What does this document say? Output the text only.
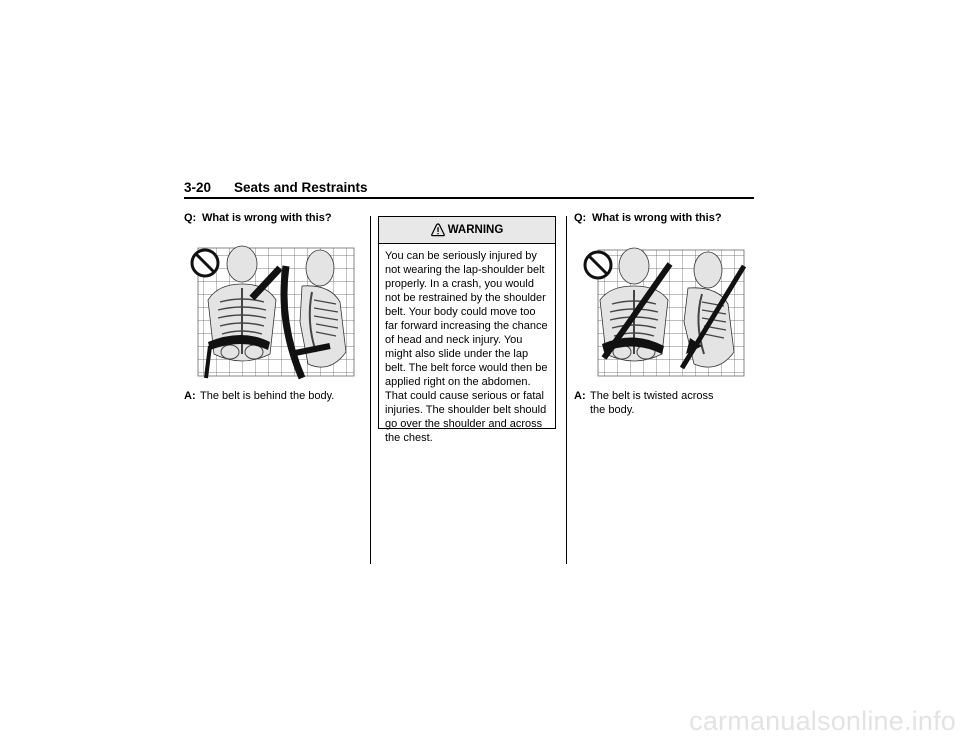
3-20 Seats and Restraints
Q: What is wrong with this?
A: The belt is behind the body.
WARNING
You can be seriously injured by not wearing the lap-shoulder belt properly. In a crash, you would not be restrained by the shoulder belt. Your body could move too far forward increasing the chance of head and neck injury. You might also slide under the lap belt. The belt force would then be applied right on the abdomen. That could cause serious or fatal injuries. The shoulder belt should go over the shoulder and across the chest.
Q: What is wrong with this?
A: The belt is twisted across the body.
carmanualsonline.info
